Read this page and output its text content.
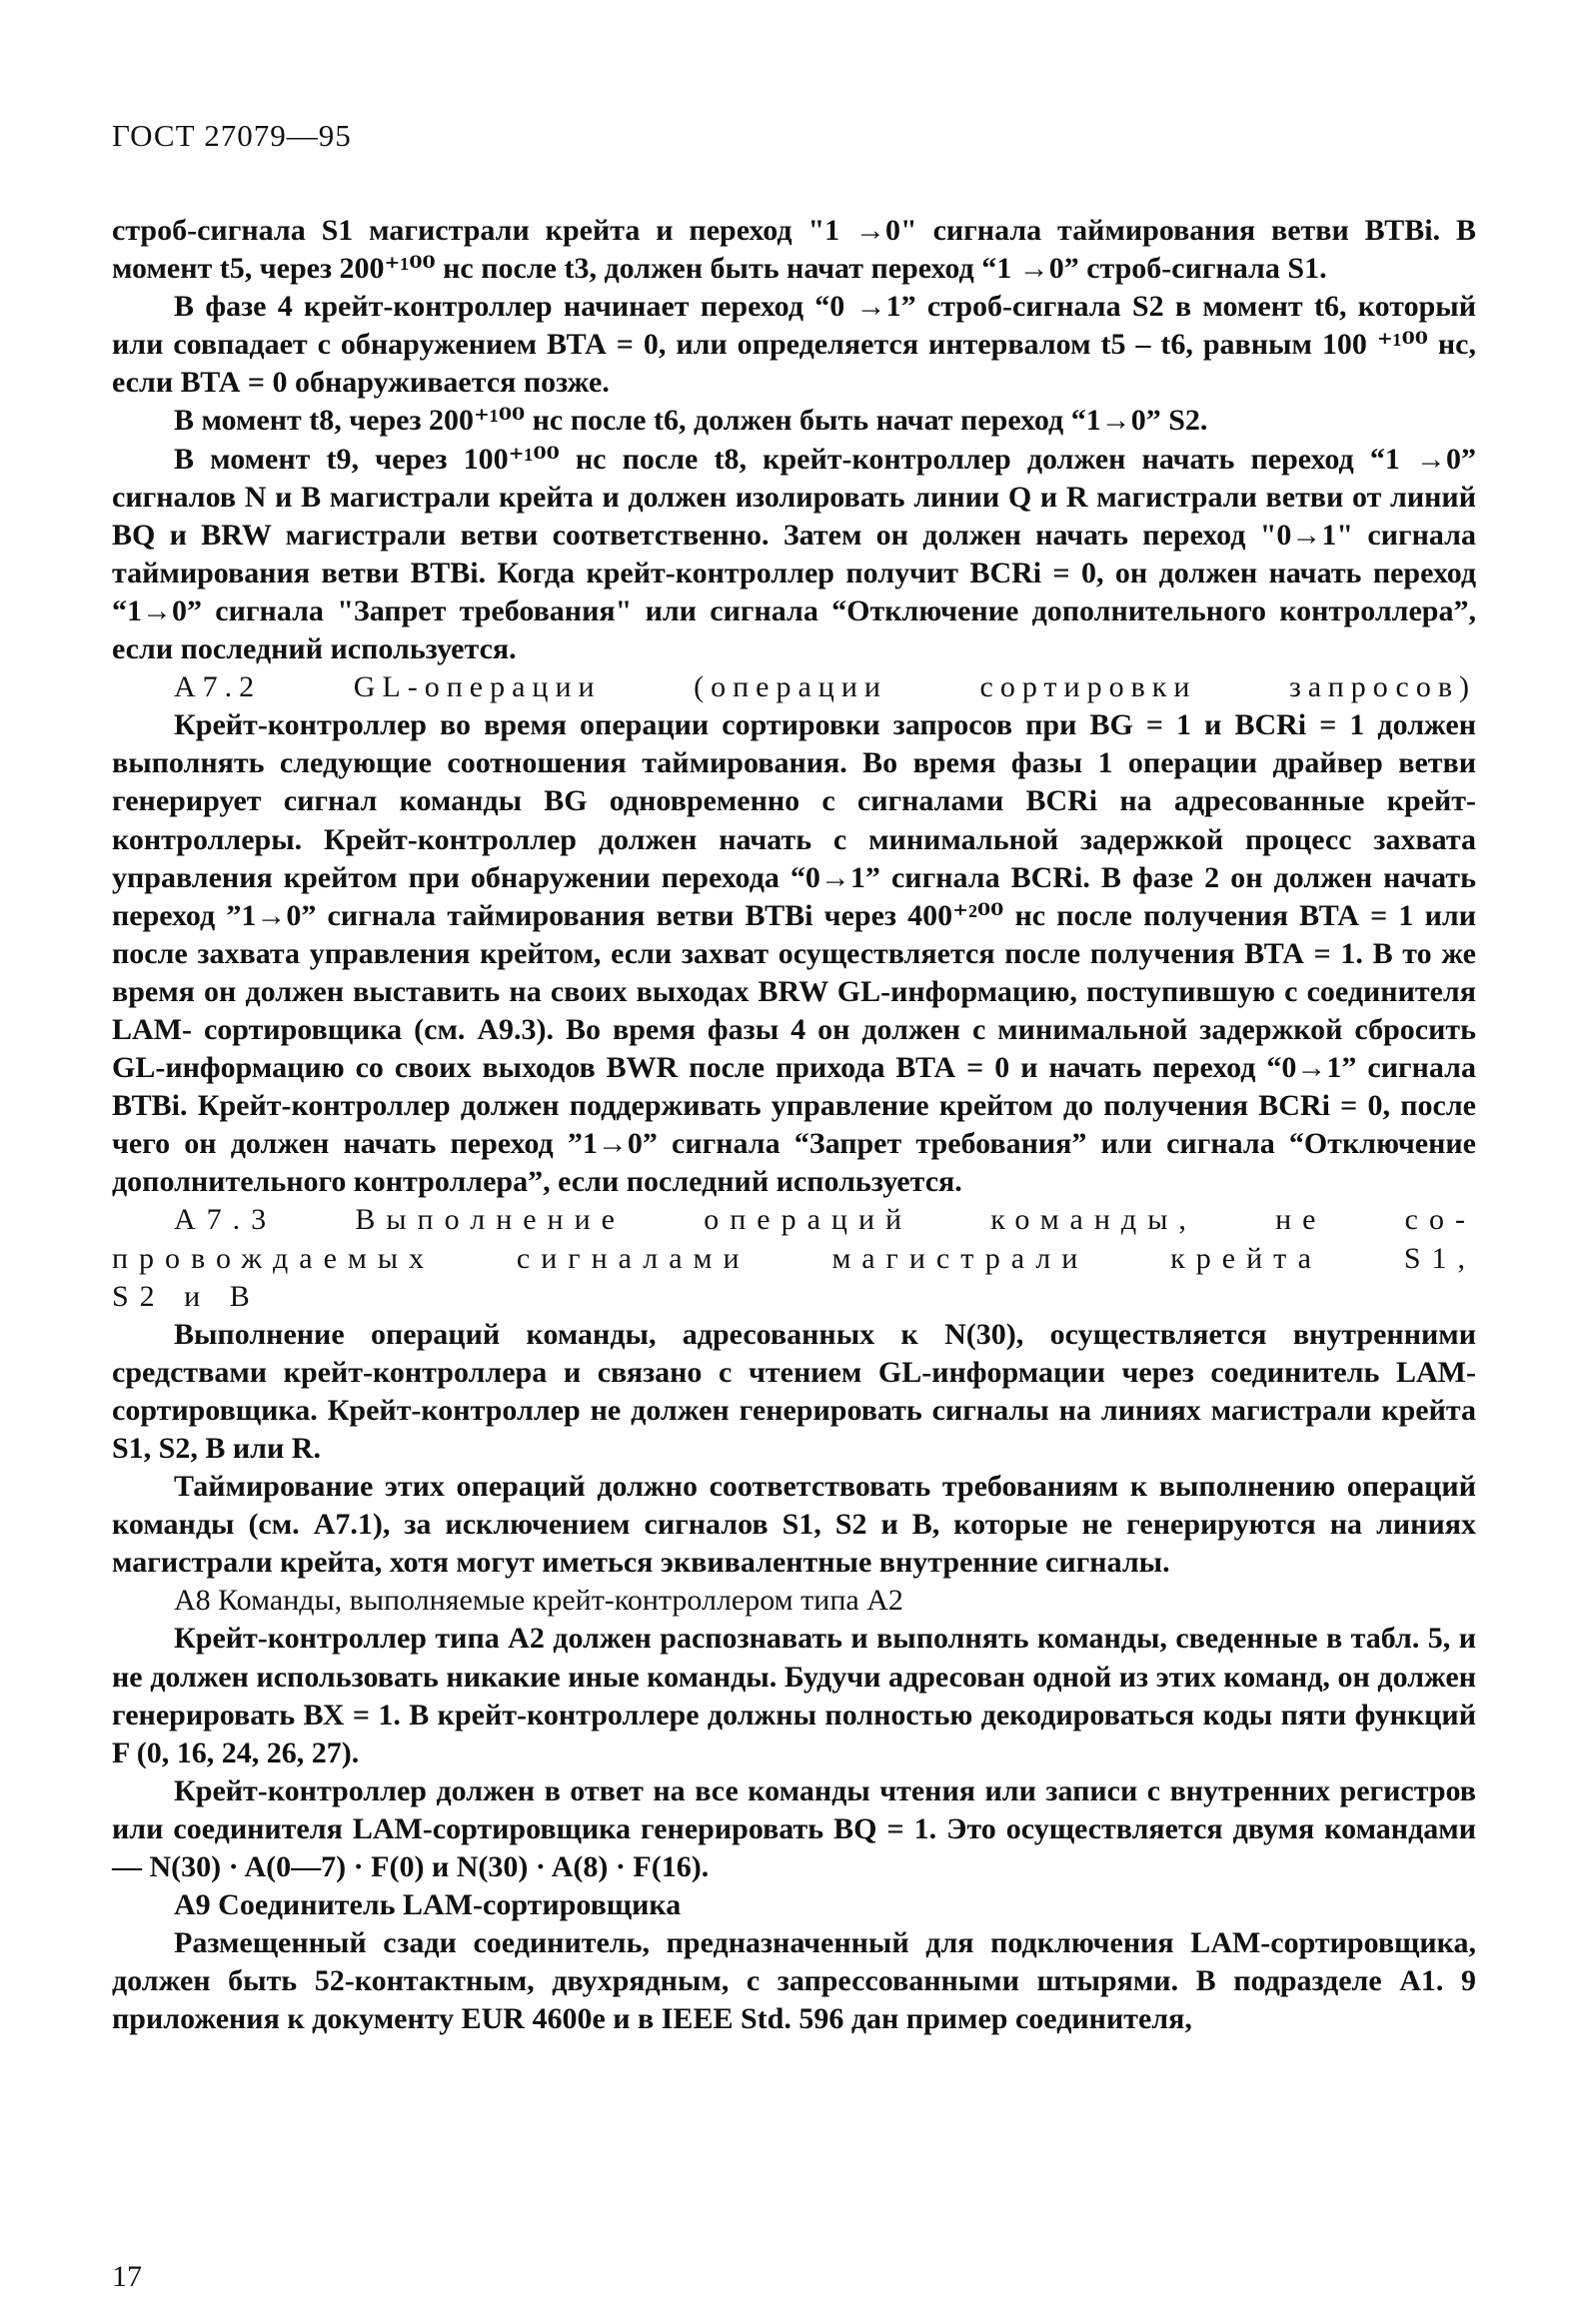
ГОСТ 27079—95

строб-сигнала S1 магистрали крейта и переход "1 →0" сигнала таймирования ветви ВТВi. В момент t5, через 200⁺¹⁰⁰ нс после t3, должен быть начат переход “1 →0” строб-сигнала S1.

В фазе 4 крейт-контроллер начинает переход “0 →1” строб-сигнала S2 в момент t6, который или совпадает с обнаружением ВТА = 0, или определяется интервалом t5 – t6, равным 100 ⁺¹⁰⁰ нс, если ВТА = 0 обнаруживается позже.

В момент t8, через 200⁺¹⁰⁰ нс после t6, должен быть начат переход “1→0” S2.

В момент t9, через 100⁺¹⁰⁰ нс после t8, крейт-контроллер должен начать переход “1 →0” сигналов N и В магистрали крейта и должен изолировать линии Q и R магистрали ветви от линий BQ и BRW магистрали ветви соответственно. Затем он должен начать переход "0→1" сигнала таймирования ветви ВТВi. Когда крейт-контроллер получит BCRi = 0, он должен начать переход “1→0” сигнала "Запрет требования" или сигнала “Отключение дополнительного контроллера”, если последний используется.

А7.2 GL-операции (операции сортировки запросов)

Крейт-контроллер во время операции сортировки запросов при BG = 1 и BCRi = 1 должен выполнять следующие соотношения таймирования. Во время фазы 1 операции драйвер ветви генерирует сигнал команды BG одновременно с сигналами BCRi на адресованные крейт-контроллеры. Крейт-контроллер должен начать с минимальной задержкой процесс захвата управления крейтом при обнаружении перехода “0→1” сигнала BCRi. В фазе 2 он должен начать переход ”1→0” сигнала таймирования ветви ВТВi через 400⁺²⁰⁰ нс после получения ВТА = 1 или после захвата управления крейтом, если захват осуществляется после получения ВТА = 1. В то же время он должен выставить на своих выходах BRW GL-информацию, поступившую с соединителя LAM- сортировщика (см. А9.3). Во время фазы 4 он должен с минимальной задержкой сбросить GL-информацию со своих выходов BWR после прихода ВТА = 0 и начать переход “0→1” сигнала ВТВi. Крейт-контроллер должен поддерживать управление крейтом до получения BCRi = 0, после чего он должен начать переход ”1→0” сигнала “Запрет требования” или сигнала “Отключение дополнительного контроллера”, если последний используется.

А7.3 Выполнение операций команды, не со-

провождаемых сигналами магистрали крейта S1,

S2 и В

Выполнение операций команды, адресованных к N(30), осуществляется внутренними средствами крейт-контроллера и связано с чтением GL-информации через соединитель LAM-сортировщика. Крейт-контроллер не должен генерировать сигналы на линиях магистрали крейта S1, S2, В или R.

Таймирование этих операций должно соответствовать требованиям к выполнению операций команды (см. А7.1), за исключением сигналов S1, S2 и В, которые не генерируются на линиях магистрали крейта, хотя могут иметься эквивалентные внутренние сигналы.

А8 Команды, выполняемые крейт-контроллером типа А2

Крейт-контроллер типа А2 должен распознавать и выполнять команды, сведенные в табл. 5, и не должен использовать никакие иные команды. Будучи адресован одной из этих команд, он должен генерировать ВХ = 1. В крейт-контроллере должны полностью декодироваться коды пяти функций F (0, 16, 24, 26, 27).

Крейт-контроллер должен в ответ на все команды чтения или записи с внутренних регистров или соединителя LAM-сортировщика генерировать BQ = 1. Это осуществляется двумя командами — N(30) · A(0—7) · F(0) и N(30) · A(8) · F(16).

А9 Соединитель LAM-сортировщика

Размещенный сзади соединитель, предназначенный для подключения LAM-сортировщика, должен быть 52-контактным, двухрядным, с запрессованными штырями. В подразделе А1. 9 приложения к документу EUR 4600е и в IEEE Std. 596 дан пример соединителя,

17
